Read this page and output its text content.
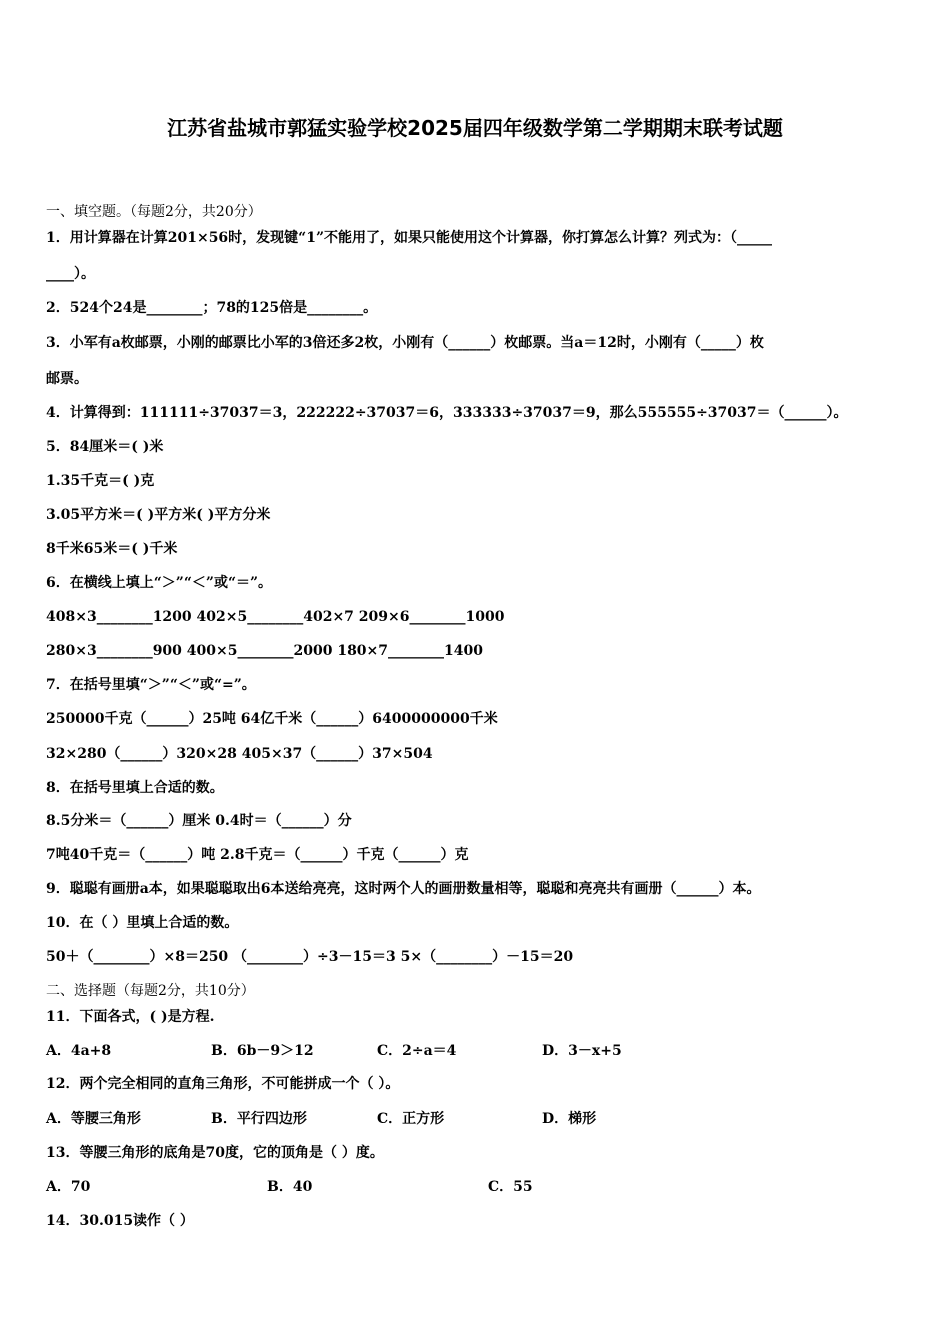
江苏省盐城市郭猛实验学校2025届四年级数学第二学期期末联考试题
一、填空题。（每题2分，共20分）
1．用计算器在计算201×56时，发现键“1”不能用了，如果只能使用这个计算器，你打算怎么计算？列式为：（_____
____）。
2．524个24是________；78的125倍是________。
3．小军有a枚邮票，小刚的邮票比小军的3倍还多2枚，小刚有（______）枚邮票。当a＝12时，小刚有（_____）枚
邮票。
4．计算得到：111111÷37037＝3，222222÷37037＝6，333333÷37037＝9，那么555555÷37037＝（______）。
5．84厘米＝( )米
1.35千克＝( )克
3.05平方米＝( )平方米( )平方分米
8千米65米＝( )千米
6．在横线上填上“＞”“＜”或“＝”。
408×3________1200 402×5________402×7 209×6________1000
280×3________900 400×5________2000 180×7________1400
7．在括号里填“＞”“＜”或“=”。
250000千克（______）25吨 64亿千米（______）6400000000千米
32×280（______）320×28 405×37（______）37×504
8．在括号里填上合适的数。
8.5分米＝（______）厘米 0.4时＝（______）分
7吨40千克＝（______）吨 2.8千克＝（______）千克（______）克
9．聪聪有画册a本，如果聪聪取出6本送给亮亮，这时两个人的画册数量相等，聪聪和亮亮共有画册（______）本。
10．在（ ）里填上合适的数。
50＋（________）×8＝250 （________）÷3－15＝3 5×（________）－15＝20
二、选择题（每题2分，共10分）
11．下面各式，( )是方程.
A．4a+8	B．6b－9＞12	C．2÷a＝4	D．3－x+5
12．两个完全相同的直角三角形，不可能拼成一个（ ）。
A．等腰三角形	B．平行四边形	C．正方形	D．梯形
13．等腰三角形的底角是70度，它的顶角是（ ）度。
A．70	B．40	C．55
14．30.015读作（ ）
